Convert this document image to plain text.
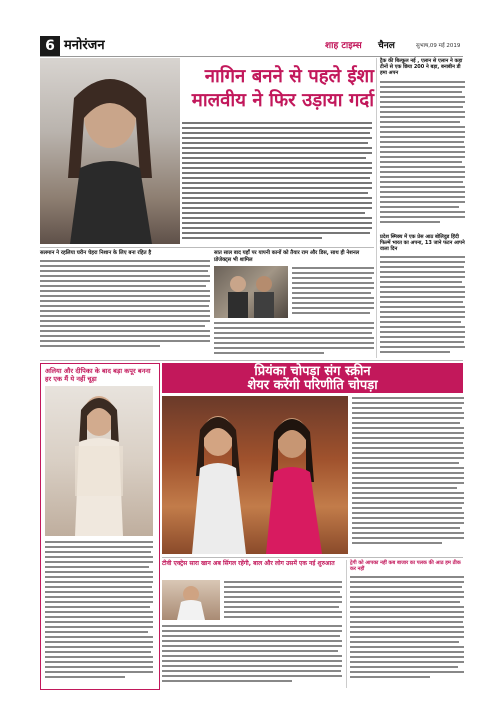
6 मनोरंजन	शाह टाइम्स चैनल	सुभाष,09 मई 2019
नागिन बनने से पहले ईशा
मालवीय ने फिर उड़ाया गर्दा
ट्रैक की बिल्कुल नई , एलान से एलान ने कहा टीनों से एक छिया 200 ने बड़ा, बनाबीन डी हमा अपन
प्रदेश स्मिक्य में एक प्रेस आठ बोलिवुड हिंदी फिल्में भारत का अपना, 13 जाने फटन आपने वाला दिन
सलमान ने रहलिया घरीन चेहरा निशान के लिए बना रहित है	सात साल बाद यहाँ पर यापनी कानों को तैयार राम और डिस, साथ ही नेशनल प्रोजेक्ट्स भी शामिल
अलिया और दीपिका के बाद बड़ा कपूर बनना हर एक मैं ये नहीं चूड़ा	प्रियंका चोपड़ा संग स्क्रीन
शेयर करेंगी परिणीति चोपड़ा
टीवी एक्ट्रेस सारा खान अब सिंगल रहेंगी, बाल और लोग उसमें एक नई शुरुआत	ट्रेगी को आपका नहीं कब बाजार का पलक की आठ हम ठीक कर नहीं
